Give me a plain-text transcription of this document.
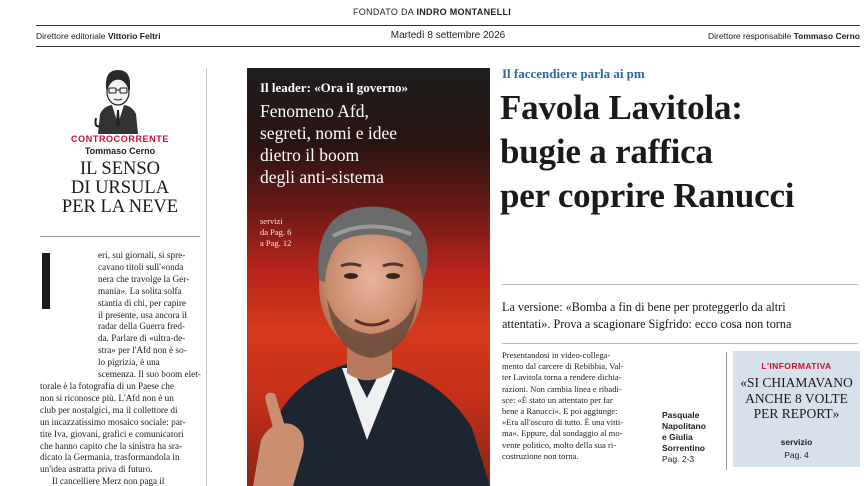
FONDATO DA INDRO MONTANELLI
Direttore editoriale Vittorio Feltri	Martedì 8 settembre 2026	Direttore responsabile Tommaso Cerno
CONTROCORRENTE
Tommaso Cerno
IL SENSO
DI URSULA
PER LA NEVE
eri, sui giornali, si spre-
cavano titoli sull'«onda
nera che travolge la Ger-
mania». La solita solfa
stantia di chi, per capire
il presente, usa ancora il
radar della Guerra fred-
da. Parlare di «ultra-de-
stra» per l'Afd non è so-
lo pigrizia, è una
scemenza. Il suo boom elet-
torale è la fotografia di un Paese che
non si riconosce più. L'Afd non è un
club per nostalgici, ma il collettore di
un incazzatissimo mosaico sociale: par-
tite Iva, giovani, grafici e comunicatori
che hanno capito che la sinistra ha sra-
dicato la Germania, trasformandola in
un'idea astratta priva di futuro.
Il cancelliere Merz non paga il
Il leader: «Ora il governo»
Fenomeno Afd,
segreti, nomi e idee
dietro il boom
degli anti-sistema
servizi
da Pag. 6
a Pag. 12
Il faccendiere parla ai pm
Favola Lavitola:
bugie a raffica
per coprire Ranucci
La versione: «Bomba a fin di bene per proteggerlo da altri
attentati». Prova a scagionare Sigfrido: ecco cosa non torna
Presentandosi in video-collega-
mento dal carcere di Rebibbia, Val-
ter Lavitola torna a rendere dichia-
razioni. Non cambia linea e ribadi-
sce: «È stato un attentato per far
bene a Ranucci». E poi aggiunge:
«Era all'oscuro di tutto. È una vitti-
ma». Eppure, dal sondaggio al mo-
vente politico, molto della sua ri-
costruzione non torna.
Pasquale
Napolitano
e Giulia
Sorrentino
Pag. 2-3
L'INFORMATIVA
«SI CHIAMAVANO
ANCHE 8 VOLTE
PER REPORT»
servizio
Pag. 4
